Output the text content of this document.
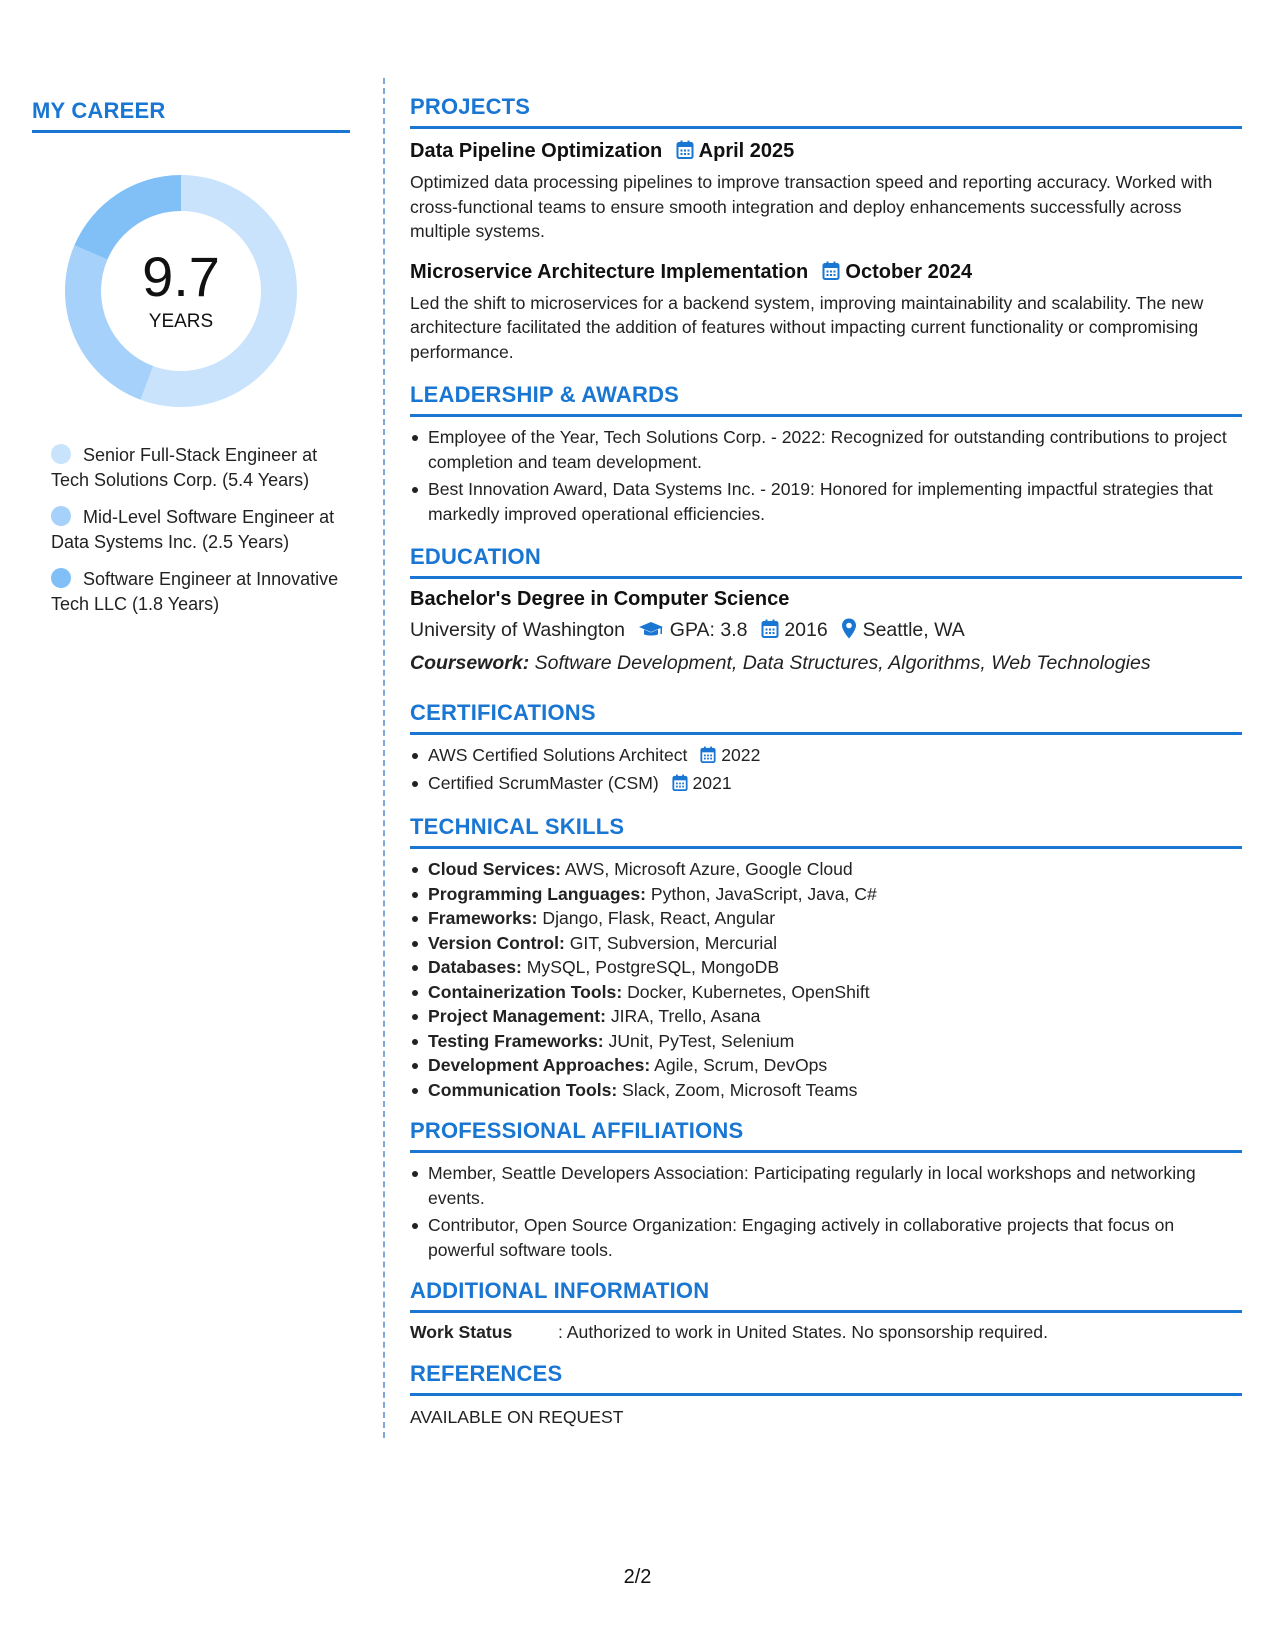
MY CAREER
9.7
YEARS
Senior Full-Stack Engineer at Tech Solutions Corp. (5.4 Years)
Mid-Level Software Engineer at Data Systems Inc. (2.5 Years)
Software Engineer at Innovative Tech LLC (1.8 Years)
PROJECTS
Data Pipeline Optimization April 2025
Optimized data processing pipelines to improve transaction speed and reporting accuracy. Worked with cross-functional teams to ensure smooth integration and deploy enhancements successfully across multiple systems.
Microservice Architecture Implementation October 2024
Led the shift to microservices for a backend system, improving maintainability and scalability. The new architecture facilitated the addition of features without impacting current functionality or compromising performance.
LEADERSHIP & AWARDS
Employee of the Year, Tech Solutions Corp. - 2022: Recognized for outstanding contributions to project completion and team development.
Best Innovation Award, Data Systems Inc. - 2019: Honored for implementing impactful strategies that markedly improved operational efficiencies.
EDUCATION
Bachelor's Degree in Computer Science
University of Washington GPA: 3.8 2016 Seattle, WA
Coursework: Software Development, Data Structures, Algorithms, Web Technologies
CERTIFICATIONS
AWS Certified Solutions Architect 2022
Certified ScrumMaster (CSM) 2021
TECHNICAL SKILLS
Cloud Services: AWS, Microsoft Azure, Google Cloud
Programming Languages: Python, JavaScript, Java, C#
Frameworks: Django, Flask, React, Angular
Version Control: GIT, Subversion, Mercurial
Databases: MySQL, PostgreSQL, MongoDB
Containerization Tools: Docker, Kubernetes, OpenShift
Project Management: JIRA, Trello, Asana
Testing Frameworks: JUnit, PyTest, Selenium
Development Approaches: Agile, Scrum, DevOps
Communication Tools: Slack, Zoom, Microsoft Teams
PROFESSIONAL AFFILIATIONS
Member, Seattle Developers Association: Participating regularly in local workshops and networking events.
Contributor, Open Source Organization: Engaging actively in collaborative projects that focus on powerful software tools.
ADDITIONAL INFORMATION
Work Status	: Authorized to work in United States. No sponsorship required.
REFERENCES
AVAILABLE ON REQUEST
2/2
